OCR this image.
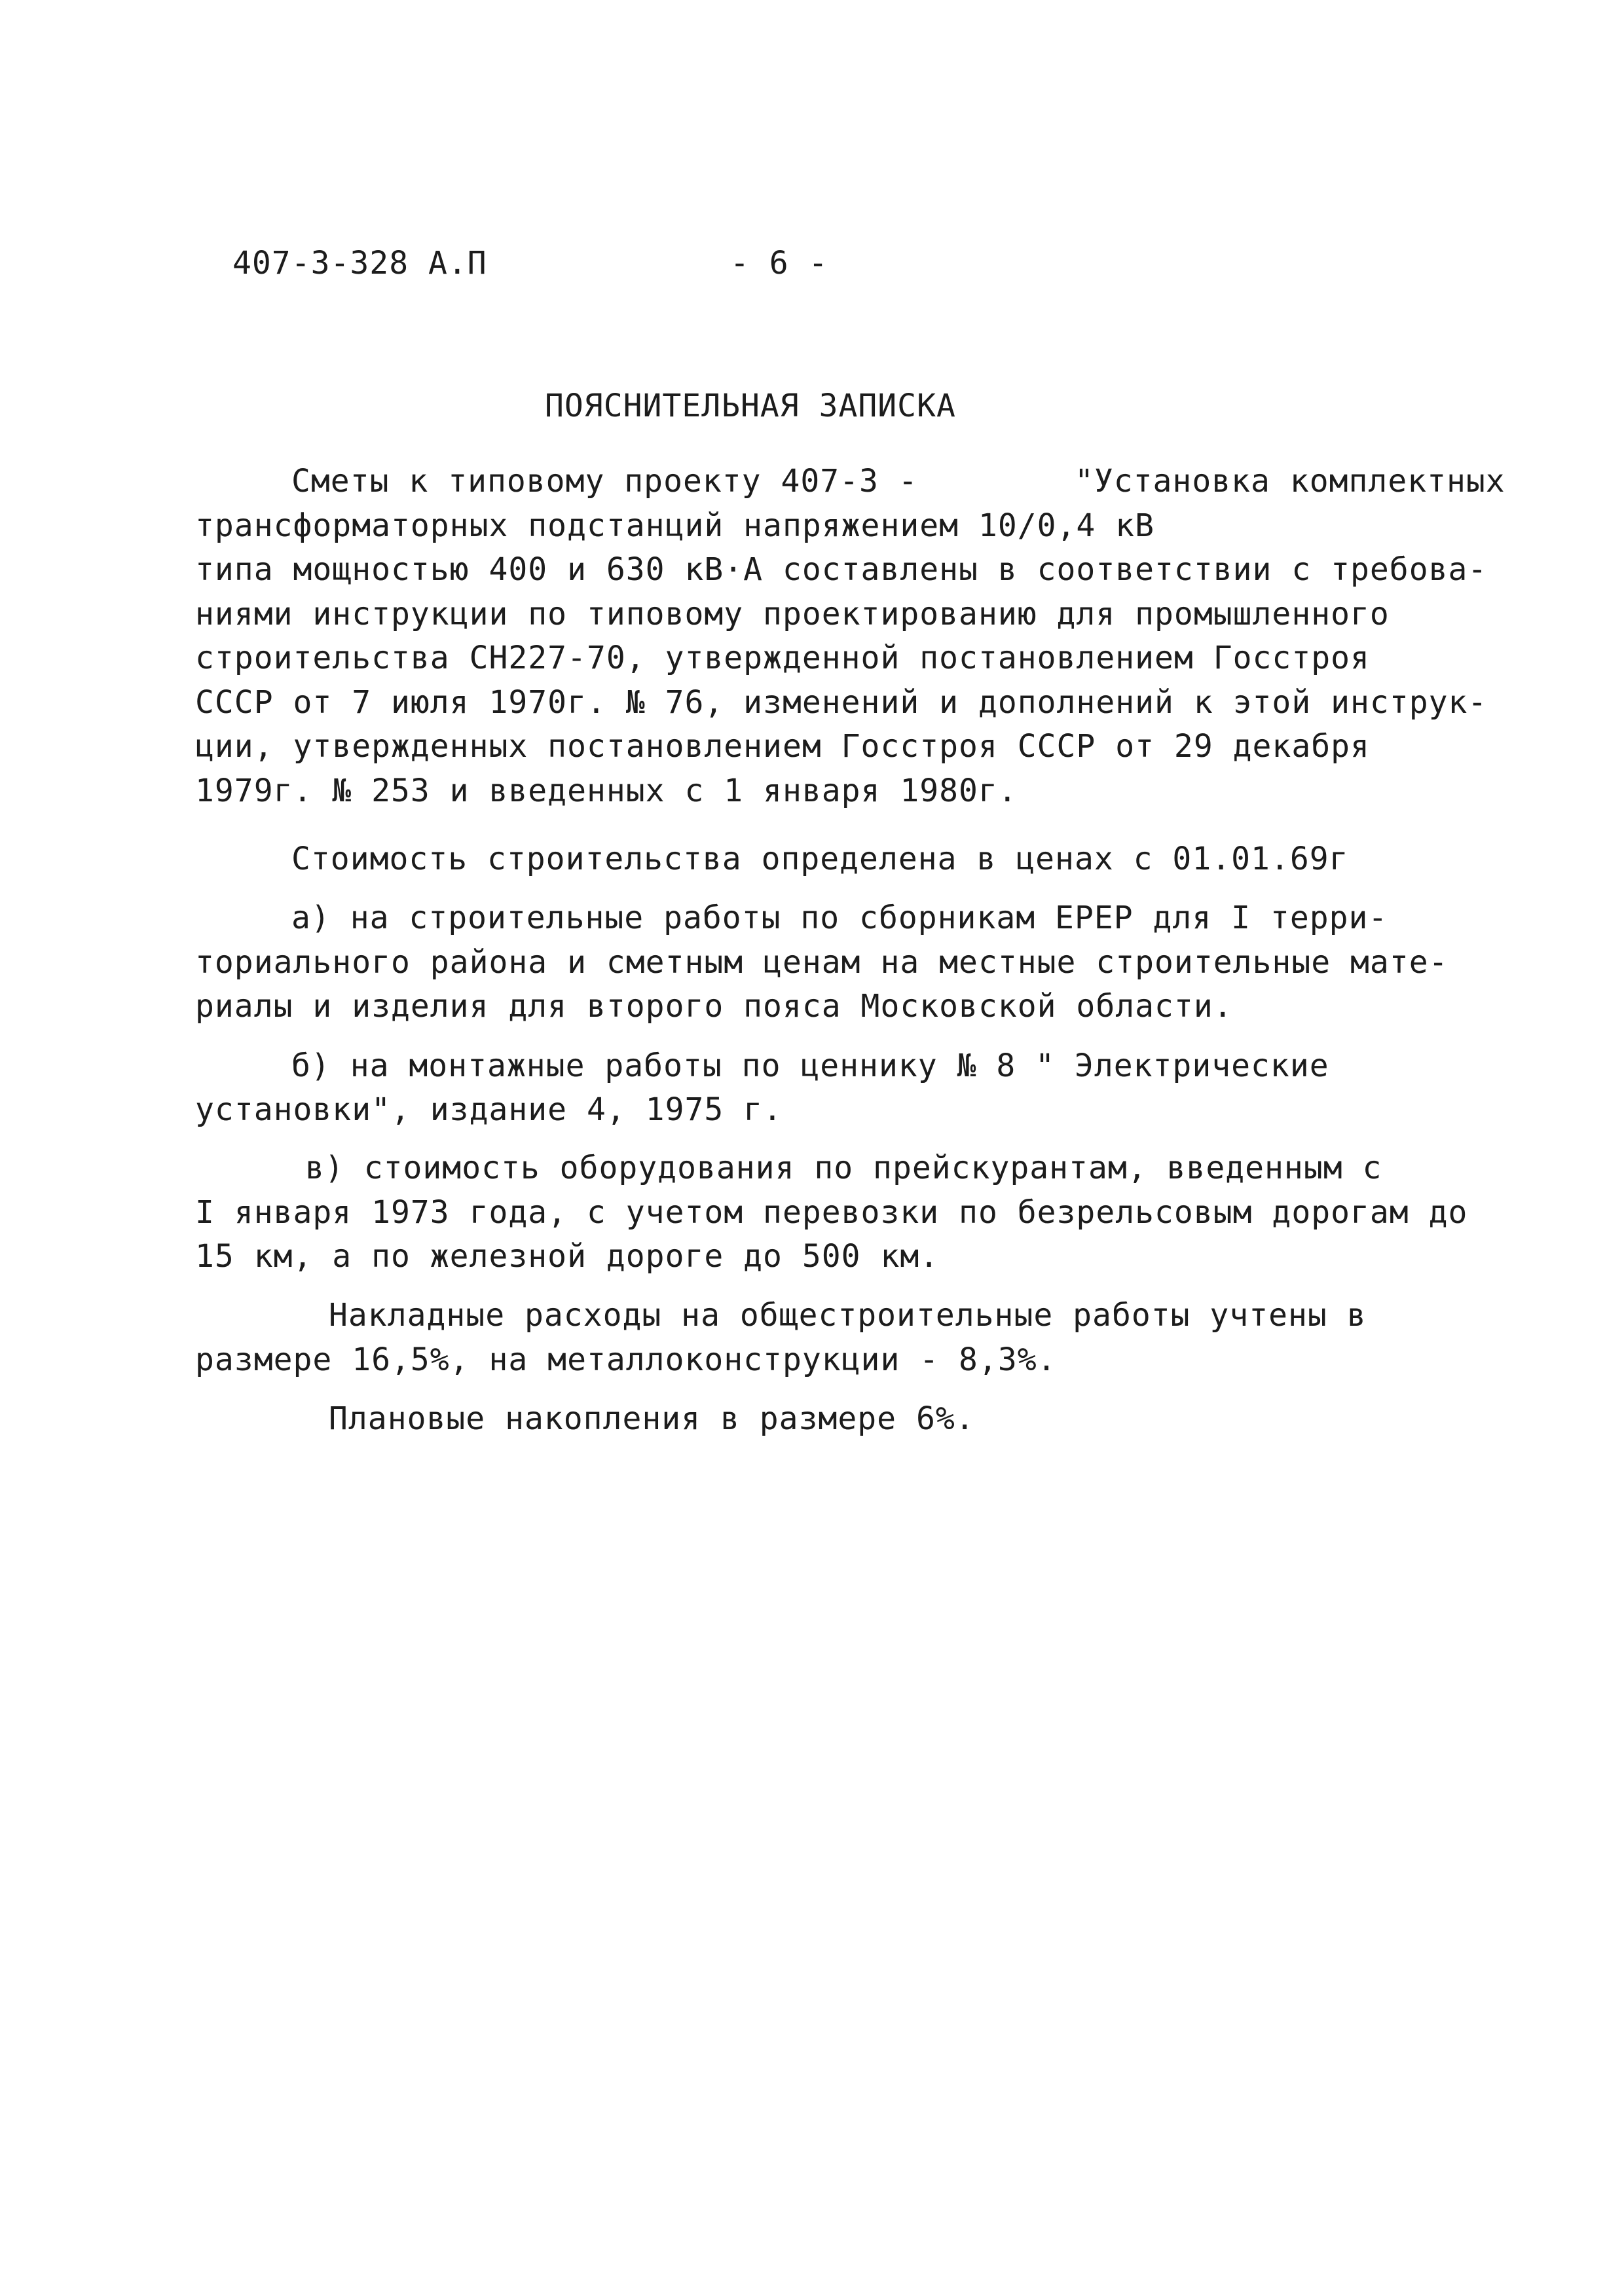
407-3-328 А.П	- 6 -
ПОЯСНИТЕЛЬНАЯ ЗАПИСКА
Сметы к типовому проекту 407-3 -        "Установка комплектных
трансформаторных подстанций напряжением 10/0,4 кВ
типа мощностью 400 и 630 кВ·А составлены в соответствии с требова-
ниями инструкции по типовому проектированию для промышленного
строительства СН227-70, утвержденной постановлением Госстроя
СССР от 7 июля 1970г. № 76, изменений и дополнений к этой инструк-
ции, утвержденных постановлением Госстроя СССР от 29 декабря
1979г. № 253 и введенных с 1 января 1980г.
Стоимость строительства определена в ценах с 01.01.69г
а) на строительные работы по сборникам ЕРЕР для I терри-
ториального района и сметным ценам на местные строительные мате-
риалы и изделия для второго пояса Московской области.
б) на монтажные работы по ценнику № 8 " Электрические
установки", издание 4, 1975 г.
в) стоимость оборудования по прейскурантам, введенным с
I января 1973 года, с учетом перевозки по безрельсовым дорогам до
15 км, а по железной дороге до 500 км.
Накладные расходы на общестроительные работы учтены в
размере 16,5%, на металлоконструкции - 8,3%.
Плановые накопления в размере 6%.
